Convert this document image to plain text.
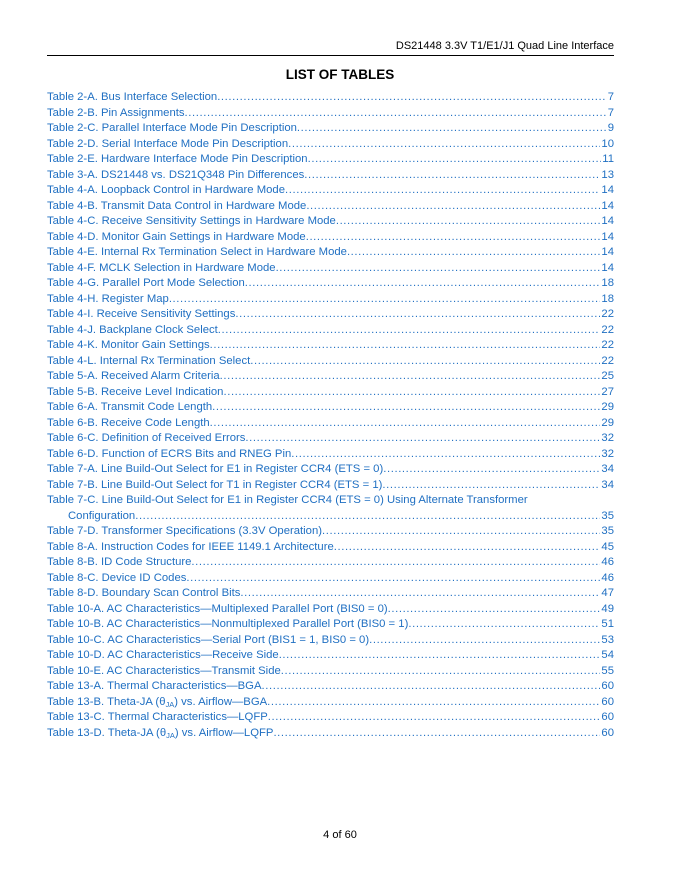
DS21448 3.3V T1/E1/J1 Quad Line Interface
LIST OF TABLES
Table 2-A. Bus Interface Selection .....	7
Table 2-B. Pin Assignments .....	7
Table 2-C. Parallel Interface Mode Pin Description .....	9
Table 2-D. Serial Interface Mode Pin Description .....	10
Table 2-E. Hardware Interface Mode Pin Description .....	11
Table 3-A. DS21448 vs. DS21Q348 Pin Differences .....	13
Table 4-A. Loopback Control in Hardware Mode .....	14
Table 4-B. Transmit Data Control in Hardware Mode .....	14
Table 4-C. Receive Sensitivity Settings in Hardware Mode .....	14
Table 4-D. Monitor Gain Settings in Hardware Mode .....	14
Table 4-E. Internal Rx Termination Select in Hardware Mode .....	14
Table 4-F. MCLK Selection in Hardware Mode .....	14
Table 4-G. Parallel Port Mode Selection .....	18
Table 4-H. Register Map .....	18
Table 4-I. Receive Sensitivity Settings .....	22
Table 4-J. Backplane Clock Select .....	22
Table 4-K. Monitor Gain Settings .....	22
Table 4-L. Internal Rx Termination Select .....	22
Table 5-A. Received Alarm Criteria .....	25
Table 5-B. Receive Level Indication .....	27
Table 6-A. Transmit Code Length .....	29
Table 6-B. Receive Code Length .....	29
Table 6-C. Definition of Received Errors .....	32
Table 6-D. Function of ECRS Bits and RNEG Pin .....	32
Table 7-A. Line Build-Out Select for E1 in Register CCR4 (ETS = 0) .....	34
Table 7-B. Line Build-Out Select for T1 in Register CCR4 (ETS = 1) .....	34
Table 7-C. Line Build-Out Select for E1 in Register CCR4 (ETS = 0) Using Alternate Transformer
Configuration .....	35
Table 7-D. Transformer Specifications (3.3V Operation) .....	35
Table 8-A. Instruction Codes for IEEE 1149.1 Architecture .....	45
Table 8-B. ID Code Structure .....	46
Table 8-C. Device ID Codes .....	46
Table 8-D. Boundary Scan Control Bits .....	47
Table 10-A. AC Characteristics—Multiplexed Parallel Port (BIS0 = 0) .....	49
Table 10-B. AC Characteristics—Nonmultiplexed Parallel Port (BIS0 = 1) .....	51
Table 10-C. AC Characteristics—Serial Port (BIS1 = 1, BIS0 = 0) .....	53
Table 10-D. AC Characteristics—Receive Side .....	54
Table 10-E. AC Characteristics—Transmit Side .....	55
Table 13-A. Thermal Characteristics—BGA .....	60
Table 13-B. Theta-JA $(\theta_{JA})$ vs. Airflow—BGA .....	60
Table 13-C. Thermal Characteristics—LQFP .....	60
Table 13-D. Theta-JA $(\theta_{JA})$ vs. Airflow—LQFP .....	60
4 of 60
